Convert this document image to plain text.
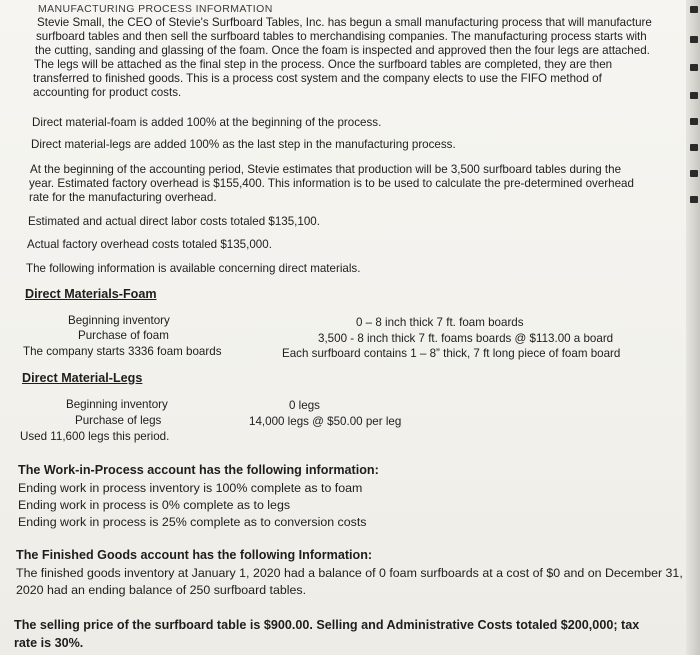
MANUFACTURING PROCESS INFORMATION
Stevie Small, the CEO of Stevie's Surfboard Tables, Inc. has begun a small manufacturing process that will manufacture
surfboard tables and then sell the surfboard tables to merchandising companies. The manufacturing process starts with
the cutting, sanding and glassing of the foam. Once the foam is inspected and approved then the four legs are attached.
The legs will be attached as the final step in the process. Once the surfboard tables are completed, they are then
transferred to finished goods. This is a process cost system and the company elects to use the FIFO method of
accounting for product costs.
Direct material-foam is added 100% at the beginning of the process.
Direct material-legs are added 100% as the last step in the manufacturing process.
At the beginning of the accounting period, Stevie estimates that production will be 3,500 surfboard tables during the
year. Estimated factory overhead is $155,400. This information is to be used to calculate the pre-determined overhead
rate for the manufacturing overhead.
Estimated and actual direct labor costs totaled $135,100.
Actual factory overhead costs totaled $135,000.
The following information is available concerning direct materials.
Direct Materials-Foam
Beginning inventory	0 – 8 inch thick 7 ft. foam boards
Purchase of foam	3,500 - 8 inch thick 7 ft. foams boards @ $113.00 a board
The company starts 3336 foam boards	Each surfboard contains 1 – 8” thick, 7 ft long piece of foam board
Direct Material-Legs
Beginning inventory	0 legs
Purchase of legs	14,000 legs @ $50.00 per leg
Used 11,600 legs this period.
The Work-in-Process account has the following information:
Ending work in process inventory is 100% complete as to foam
Ending work in process is 0% complete as to legs
Ending work in process is 25% complete as to conversion costs
The Finished Goods account has the following Information:
The finished goods inventory at January 1, 2020 had a balance of 0 foam surfboards at a cost of $0 and on December 31,
2020 had an ending balance of 250 surfboard tables.
The selling price of the surfboard table is $900.00. Selling and Administrative Costs totaled $200,000; tax
rate is 30%.
